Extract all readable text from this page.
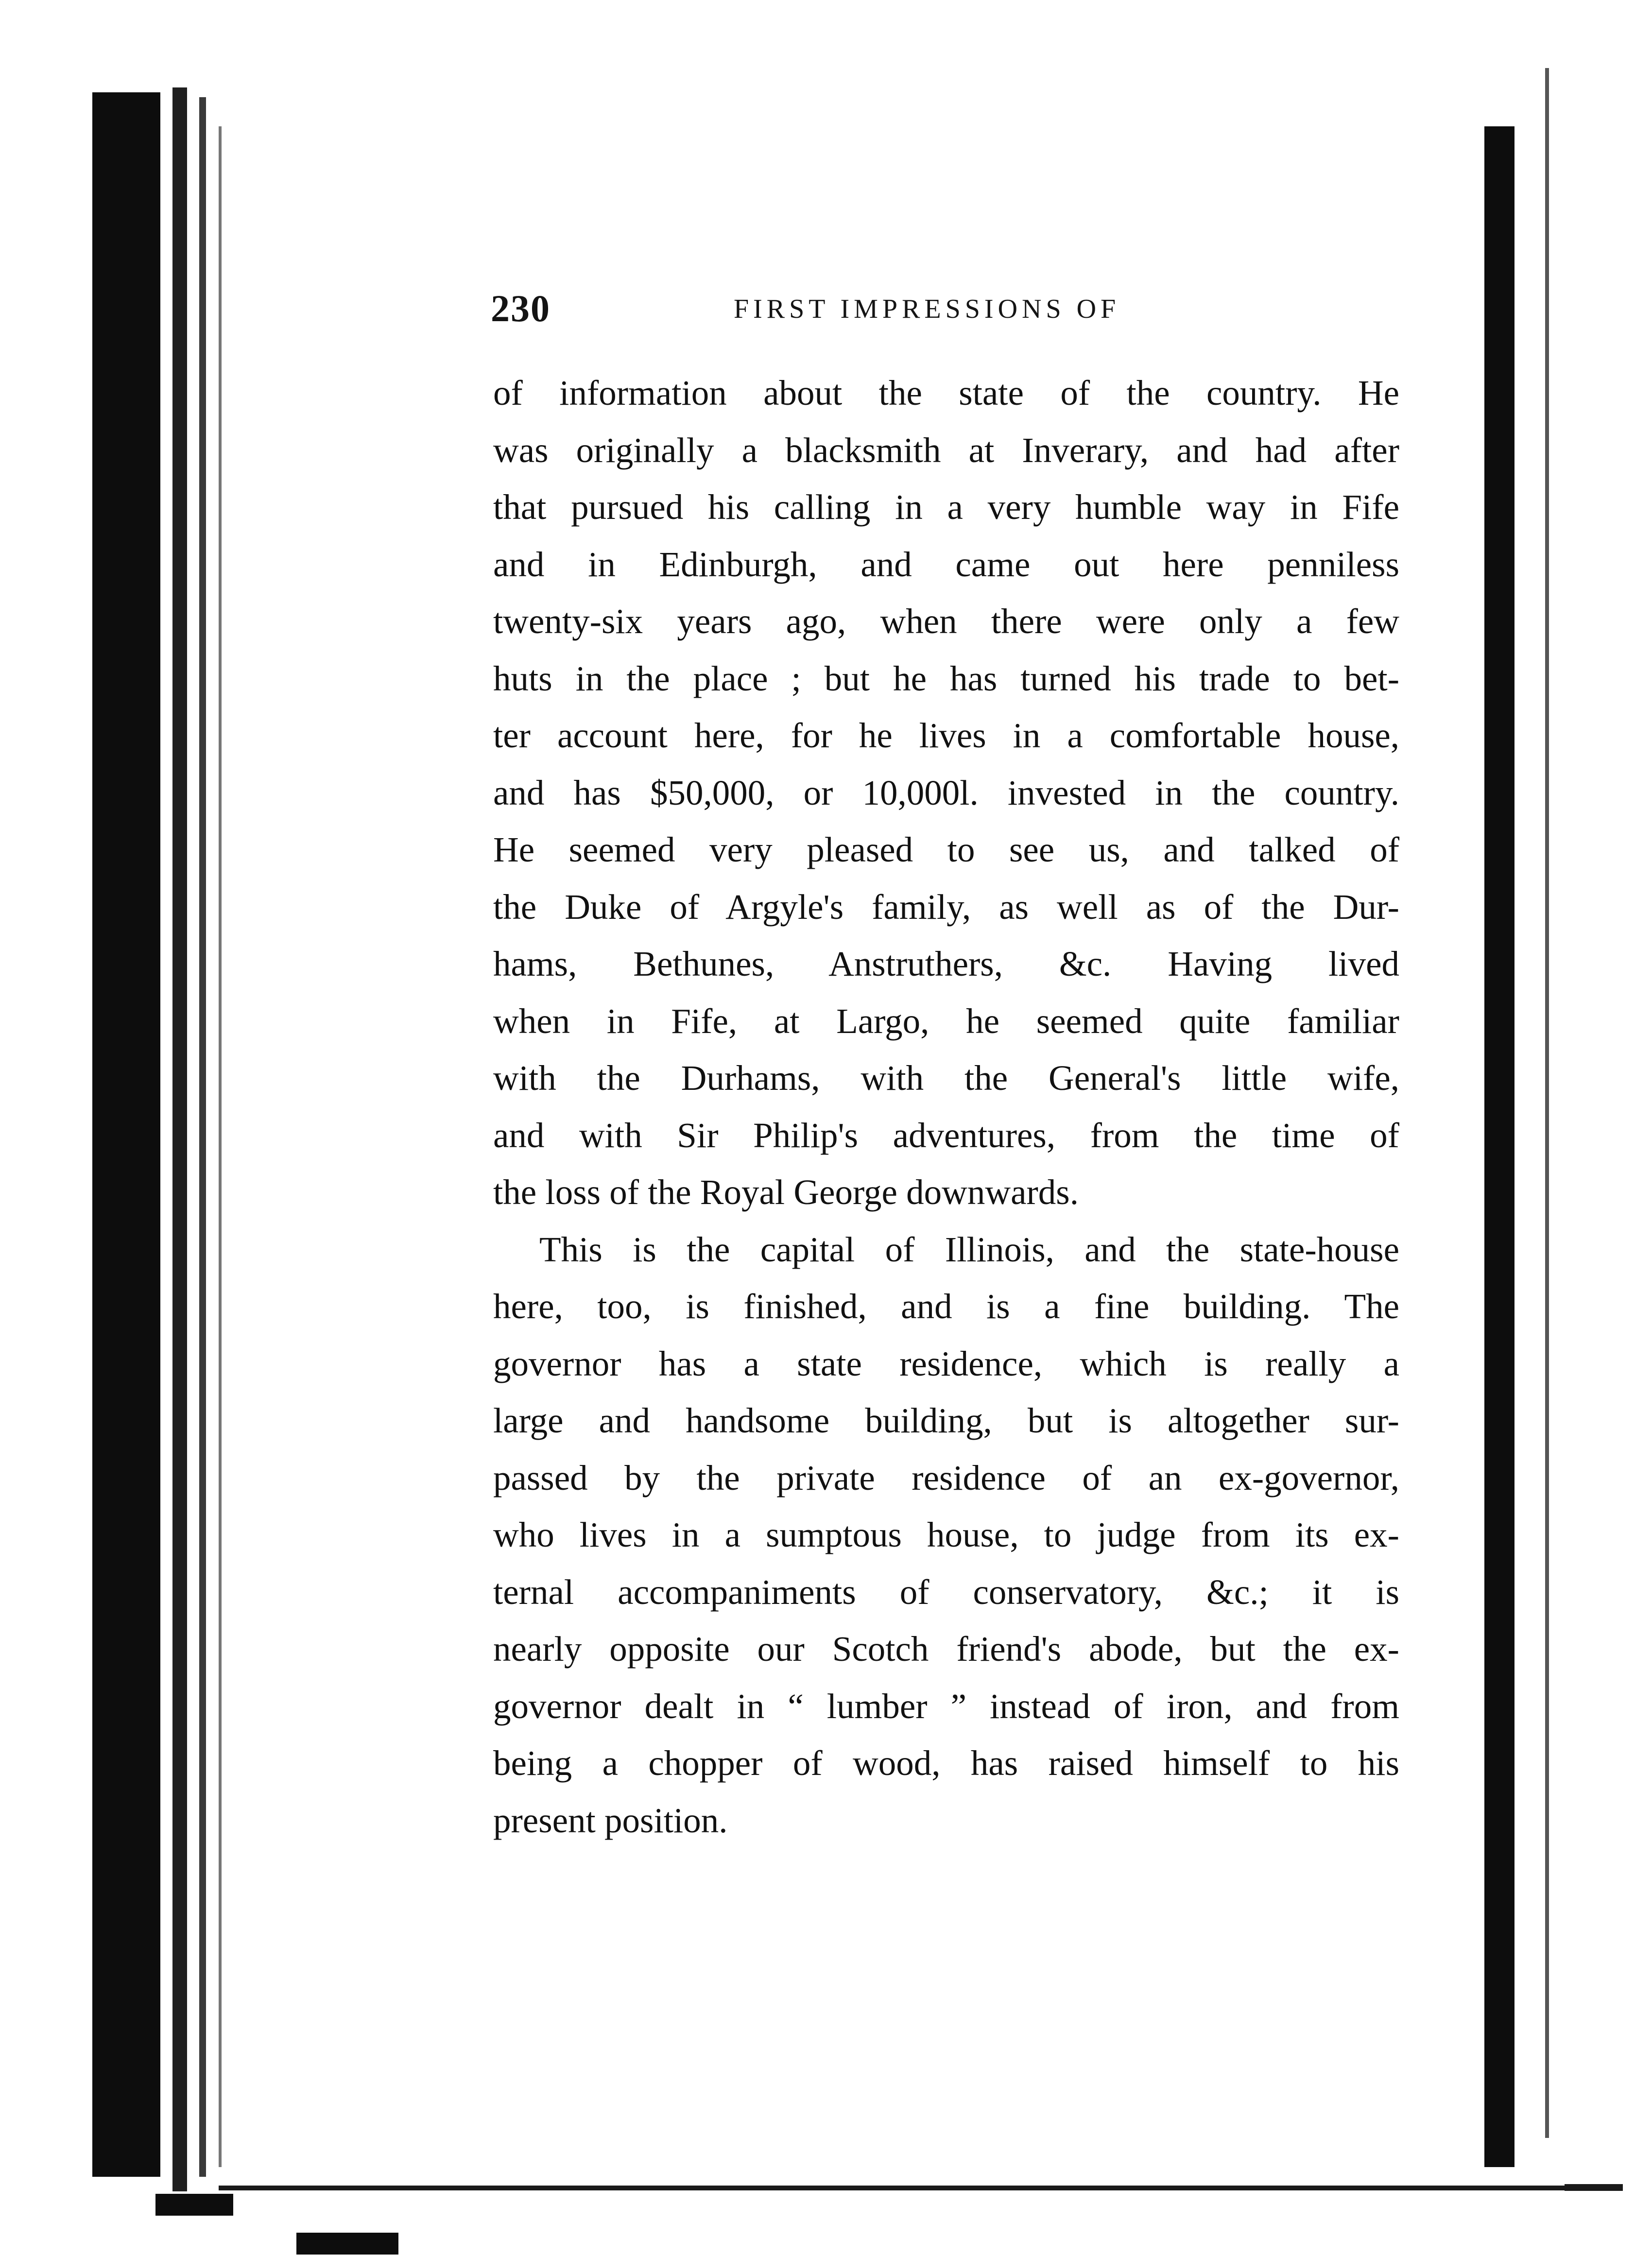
230	FIRST IMPRESSIONS OF
of information about the state of the country. He
was originally a blacksmith at Inverary, and had after
that pursued his calling in a very humble way in Fife
and in Edinburgh, and came out here penniless
twenty-six years ago, when there were only a few
huts in the place ; but he has turned his trade to bet-
ter account here, for he lives in a comfortable house,
and has $50,000, or 10,000l. invested in the country.
He seemed very pleased to see us, and talked of
the Duke of Argyle's family, as well as of the Dur-
hams, Bethunes, Anstruthers, &c. Having lived
when in Fife, at Largo, he seemed quite familiar
with the Durhams, with the General's little wife,
and with Sir Philip's adventures, from the time of
the loss of the Royal George downwards.
This is the capital of Illinois, and the state-house
here, too, is finished, and is a fine building. The
governor has a state residence, which is really a
large and handsome building, but is altogether sur-
passed by the private residence of an ex-governor,
who lives in a sumptous house, to judge from its ex-
ternal accompaniments of conservatory, &c.; it is
nearly opposite our Scotch friend's abode, but the ex-
governor dealt in “ lumber ” instead of iron, and from
being a chopper of wood, has raised himself to his
present position.
